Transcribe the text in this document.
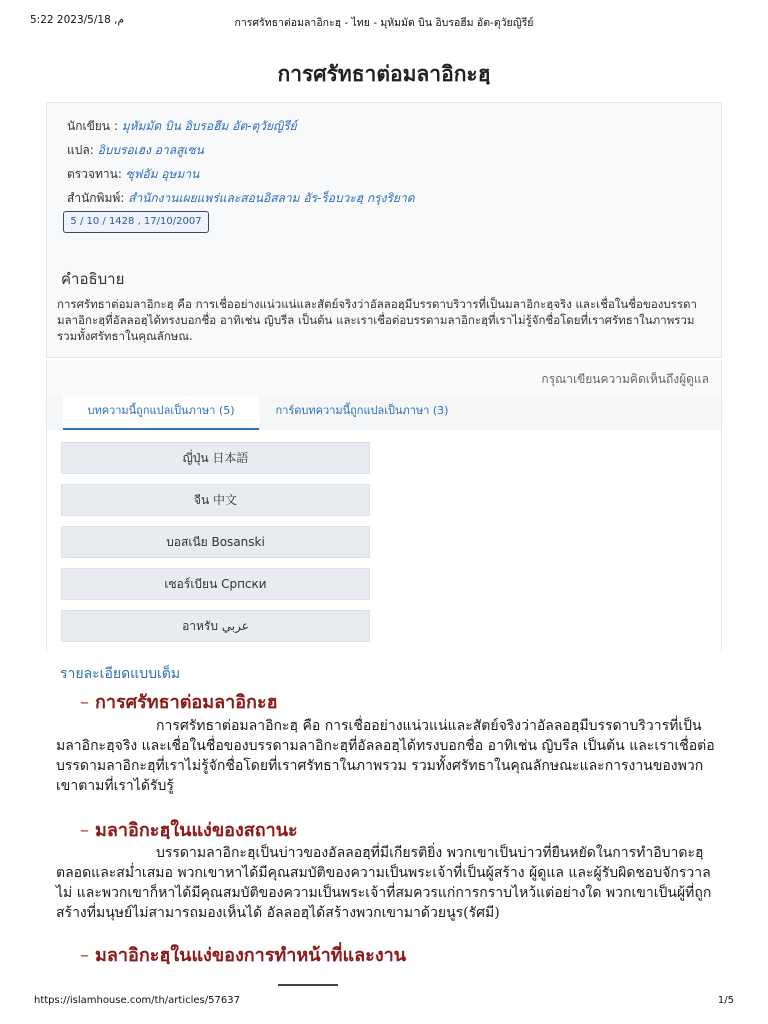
5:22 2023/5/18 ,م	การศรัทธาต่อมลาอิกะฮฺ - ไทย - มุหัมมัด บิน อิบรอฮีม อัต-ตุวัยญิรีย์
การศรัทธาต่อมลาอิกะฮฺ
นักเขียน : มุหัมมัด บิน อิบรอฮีม อัต-ตุวัยญิรีย์
แปล: อิบบรอเฮง อาลสูเซน
ตรวจทาน: ซุฟอัม อุษมาน
สำนักพิมพ์: สำนักงานเผยแพร่และสอนอิสลาม อัร-ร็อบวะฮฺ กรุงริยาด
5 / 10 / 1428 , 17/10/2007
คำอธิบาย
การศรัทธาต่อมลาอิกะฮฺ คือ การเชื่ออย่างแน่วแน่และสัตย์จริงว่าอัลลอฮฺมีบรรดาบริวารที่เป็นมลาอิกะฮฺจริง และเชื่อในชื่อของบรรดามลาอิกะฮฺที่อัลลอฮฺได้ทรงบอกชื่อ อาทิเช่น ญิบรีล เป็นต้น และเราเชื่อต่อบรรดามลาอิกะฮฺที่เราไม่รู้จักชื่อโดยที่เราศรัทธาในภาพรวม รวมทั้งศรัทธาในคุณลักษณ.
กรุณาเขียนความคิดเห็นถึงผู้ดูแล
บทความนี้ถูกแปลเป็นภาษา (5)	การ์ดบทความนี้ถูกแปลเป็นภาษา (3)
ญี่ปุ่น 日本語
จีน 中文
บอสเนีย Bosanski
เซอร์เบียน Српски
อาหรับ عربي
รายละเอียดแบบเต็ม
– การศรัทธาต่อมลาอิกะฮ
การศรัทธาต่อมลาอิกะฮฺ คือ การเชื่ออย่างแน่วแน่และสัตย์จริงว่าอัลลอฮฺมีบรรดาบริวารที่เป็นมลาอิกะฮฺจริง และเชื่อในชื่อของบรรดามลาอิกะฮฺที่อัลลอฮฺได้ทรงบอกชื่อ อาทิเช่น ญิบรีล เป็นต้น และเราเชื่อต่อบรรดามลาอิกะฮฺที่เราไม่รู้จักชื่อโดยที่เราศรัทธาในภาพรวม รวมทั้งศรัทธาในคุณลักษณะและการงานของพวกเขาตามที่เราได้รับรู้
– มลาอิกะฮฺในแง่ของสถานะ
บรรดามลาอิกะฮฺเป็นบ่าวของอัลลอฮฺที่มีเกียรติยิ่ง พวกเขาเป็นบ่าวที่ยืนหยัดในการทำอิบาดะฮฺตลอดและสม่ำเสมอ พวกเขาหาได้มีคุณสมบัติของความเป็นพระเจ้าที่เป็นผู้สร้าง ผู้ดูแล และผู้รับผิดชอบจักรวาลไม่ และพวกเขาก็หาได้มีคุณสมบัติของความเป็นพระเจ้าที่สมควรแก่การกราบไหว้แต่อย่างใด พวกเขาเป็นผู้ที่ถูกสร้างที่มนุษย์ไม่สามารถมองเห็นได้ อัลลอฮฺได้สร้างพวกเขามาด้วยนูร(รัศมี)
– มลาอิกะฮฺในแง่ของการทำหน้าที่และงาน
https://islamhouse.com/th/articles/57637	1/5
